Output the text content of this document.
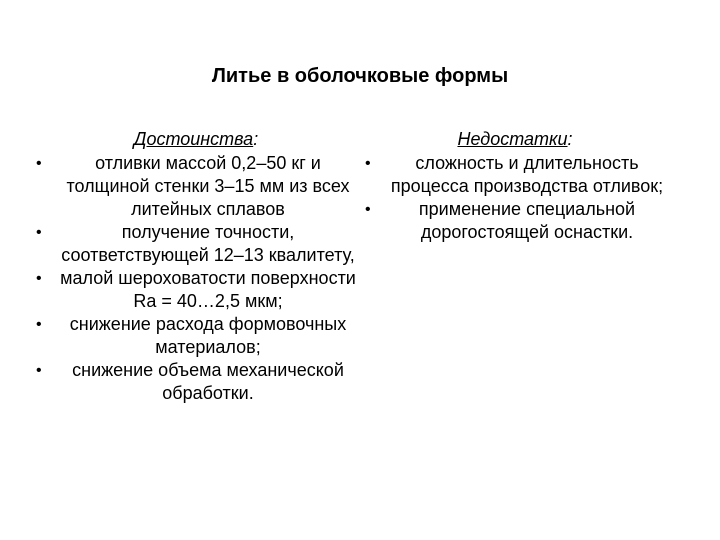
Литье в оболочковые формы
Достоинства:
•	отливки массой 0,2–50 кг и толщиной стенки 3–15 мм из всех литейных сплавов
•	получение точности, соответствующей 12–13 квалитету,
•	малой шероховатости поверхности Ra = 40…2,5 мкм;
•	снижение расхода формовочных материалов;
•	снижение объема механической обработки.
Недостатки:
•	сложность и длительность процесса производства отливок;
•	применение специальной дорогостоящей оснастки.
